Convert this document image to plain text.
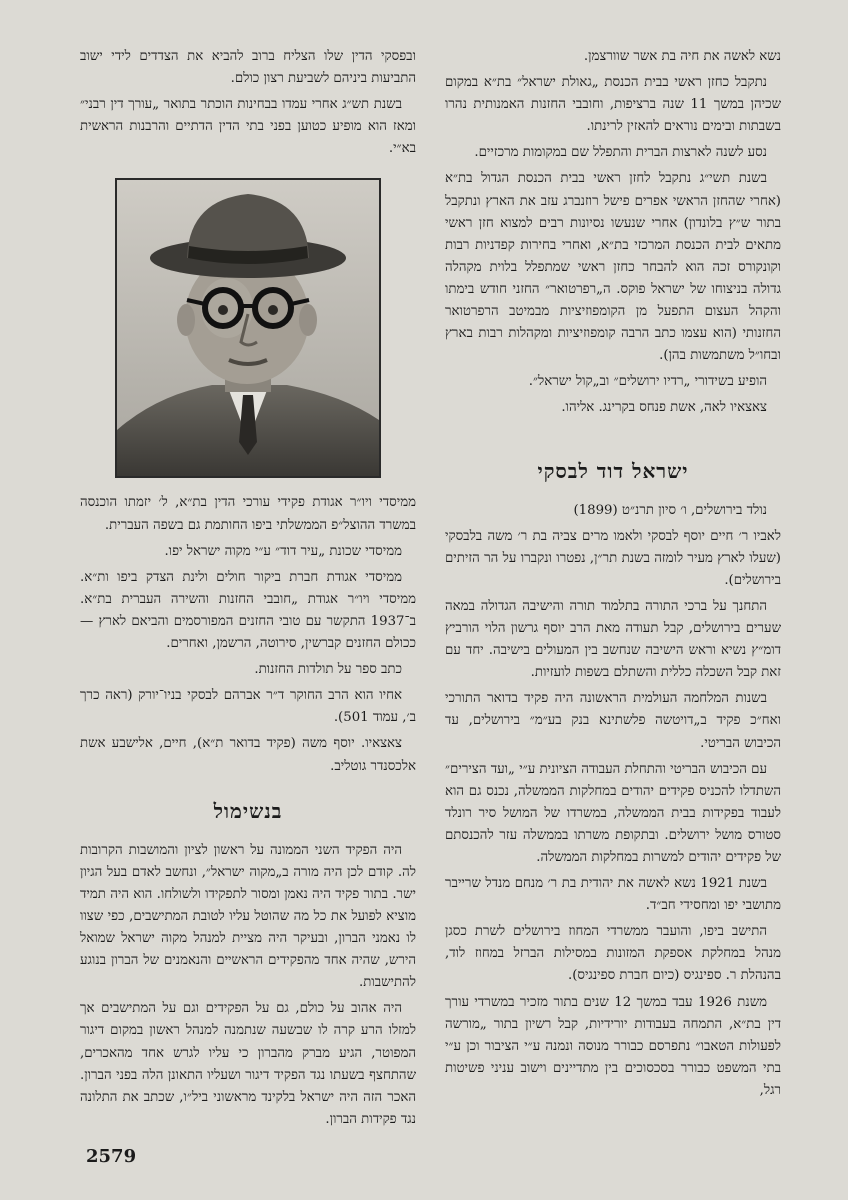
נשא לאשה את חיה בת אשר שוורצמן.

נתקבל כחזן ראשי בבית הכנסת „גאולת ישראל״ בת״א במקום שכיהן במשך 11 שנה ברציפות, וחובבי החזנות האמנותית נהרו בשבתות ובימים נוראים להאזין לרינתו.

נסע לשנה לארצות הברית והתפלל שם במקומות מרכזיים.

בשנת תשי״ג נתקבל לחזן ראשי בבית הכנסת הגדול בת״א (אחרי שהחזן הראשי אפרים פישל רוזנברג עזב את הארץ ונתקבל בתור ש״ץ בלונדון) אחרי שנעשו נסיונות רבים למצוא חזן ראשי מתאים לבית הכנסת המרכזי בת״א, ואחרי בחירות קפדניות רבות וקונקורס זכה הוא להבחר כחזן ראשי שמתפלל בלוית מקהלה גדולה בניצוחו של ישראל פוקס. ה„רפרטואר״ החזני חודש בימתו והקהל העצום התפעל מן הקומפוזיציות מבמיטב הרפרטואר החזנותי (הוא עצמו כתב הרבה קומפוזיציות ומקהלות רבות בארץ ובחו״ל משתמשות בהן).

הופיע בשידורי „רדיו ירושלים״ וב„קול ישראל״.

צאצאיו לאה, אשת פנחס בקרינג. אליהו.

ישראל דוד לבסקי

נולד בירושלים, ו׳ סיון תרנ״ט (1899)

לאביו ר׳ חיים יוסף לבסקי ולאמו מרים צביה בת ר׳ משה בלבסקי (שעלו לארץ מעיר לומזה בשנת תר״ן, נפטרו ונקברו על הר הזיתים בירושלים).

התחנך על ברכי התורה בתלמוד תורה והישיבה הגדולה במאה שערים בירושלים, קבל תעודה מאת הרב יוסף גרשון הלוי הורביץ דומ״ץ נשיא וראש הישיבה שנחשב בין המעולים בישיבה. יחד עם זאת קבל השכלה כללית והשתלם בשפות לועזיות.

בשנות המלחמה העולמית הראשונה היה פקיד בדואר התורכי ואח״כ פקיד ב„דויטשה פלשתינא בנק בע״מ״ בירושלים, עד הכיבוש הבריטי.

עם הכיבוש הבריטי והתחלת העבודה הציונית ע״י „ועד הצירים״ השתדלו להכניס פקידים יהודים במחלקות הממשלה, נכנס גם הוא לעבוד בפקידות בבית הממשלה, במשרדו של המושל סיר רונלד סטורס מושל ירושלים. ובתקופת משרתו בממשלה עזר להכנסתם של פקידים יהודים למשרות במחלקות הממשלה.

בשנת 1921 נשא לאשה את יהודית בת ר׳ מנחם מנדל שרייבר מתושבי יפו ומחסידי חב״ד.

התישב ביפו, והועבר ממשרדי המחוז בירושלים לשרת כסגן מנהל במחלקת אספקת המזונות במסילות הברזל במחוז לוד, בהנהלת ר. ספינגיס (כיום חברת ספינגיס).

משנת 1926 עבד במשך 12 שנים בתור מזכיר במשרדי עורך דין בת״א, התמחה בעבודות יורידיות, קבל רשיון בתור „מורשה לפעולות הטאבו״ נתפרסם כבורר מנוסה ונמנה ע״י הציבור וכן ע״י בתי המשפט כבורר בסכסוכים בין מתדיינים וישוב עניני פשיטות רגל,

ובפסקי הדין שלו הצליח ברוב להביא את הצדדים לידי ישוב התביעות ביניהם לשביעת רצון כולם.

בשנת תש״ג אחרי עמדו בבחינות הוכתר בתואר „עורך דין רבני״ ומאז הוא מופיע כטוען בפני בתי הדין הדתיים והרבנות הראשית בא״י.

ממיסדי ויו״ר אגודת פקידי עורכי הדין בת״א, ל׳ יזמתו הוכנסה במשרד ההוצל״פ הממשלתי ביפו החותמת גם בשפה העברית.

ממיסדי שכונת „עיר דוד״ ע״י מקוה ישראל יפו.

ממיסדי אגודת חברת ביקור חולים ולינת הצדק ביפו ות״א. ממיסדי ויו״ר אגודת „חובבי החזנות והשירה העברית בת״א. ב־1937 התקשר עם טובי החזנים המפורסמים והביאם לארץ — ככולם החזנים קברשין, סירוטה, הרשמן, ואחרים.

כתב ספר על תולדות החזנות.

אחיו הוא הרב החוקר ד״ר אברהם לבסקי בניו־יורק (ראה כרך ב׳, עמוד 501).

צאצאיו. יוסף משה (פקיד בדואר ת״א), חיים, אלישבע אשת אלכסנדר גוטליב.

בנשימול

היה הפקיד השני הממונה על ראשון לציון והמושבות הקרובות לה. קודם לכן היה מורה ב„מקוה ישראל״, ונחשב לאדם בעל הגיון ישר. בתור פקיד היה נאמן ומסור לתפקידו ולשולחו. הוא היה תמיד מוציא לפועל את כל מה שהוטל עליו לטובת המתישבים, כפי שצוו לו נאמני הברון, ובעיקר היה מציית למנהל מקוה ישראל שמואל הירש, שהיה אחד מהפקידים הראשיים והנאמנים של הברון בנוגע להתישבות.

היה אהוב על כולם, גם על הפקידים וגם על המתישבים אך למזלו הרע קרה לו שבשעה שנתמנה למנהל ראשון במקום דיגור המפוטר, הגיע מברק מהברון כי עליו לגרש אחד מהאכרים, שהתחצף בשעתו נגד הפקיד דיגור ושעליו התאונן הלה בפני הברון. האכר הזה היה ישראל בלקינד מראשוני ביל״ו, שכתב את התלונה נגד פקידות הברון.

2579
